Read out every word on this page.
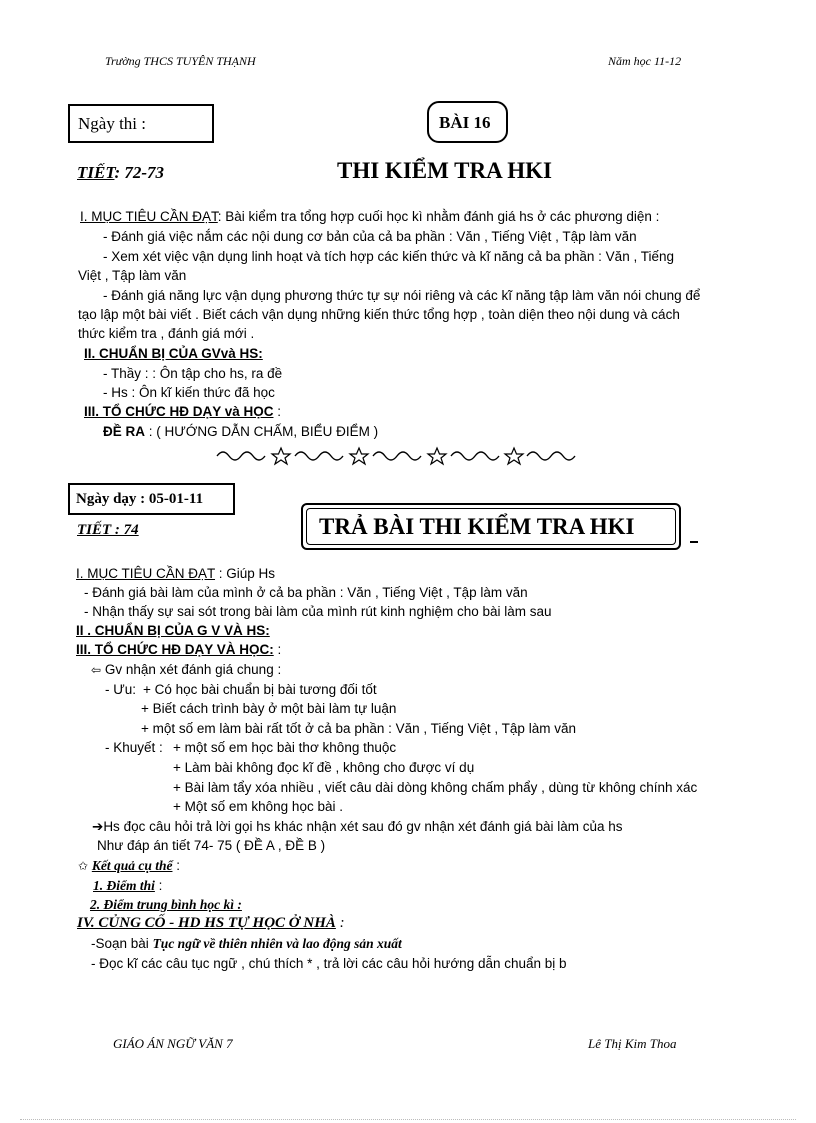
Trường THCS TUYÊN THẠNH	Năm học 11-12
Ngày thi :	BÀI 16
TIẾT: 72-73	THI KIỂM TRA HKI
I. MỤC TIÊU CẦN ĐẠT: Bài kiểm tra tổng hợp cuối học kì nhằm đánh giá hs ở các phương diện :
- Đánh giá việc nắm các nội dung cơ bản của cả ba phần : Văn , Tiếng Việt , Tập làm văn
- Xem xét việc vận dụng linh hoạt và tích hợp các kiến thức và kĩ năng cả ba phần : Văn , Tiếng
Việt , Tập làm văn
- Đánh giá năng lực vận dụng phương thức tự sự nói riêng và các kĩ năng tập làm văn nói chung để
tạo lập một bài viết . Biết cách vận dụng những kiến thức tổng hợp , toàn diện theo nội dung và cách
thức kiểm tra , đánh giá mới .
II. CHUẨN BỊ CỦA GVvà HS:
- Thầy : : Ôn tập cho hs, ra đề
- Hs : Ôn kĩ kiến thức đã học
III. TỔ CHỨC HĐ DẠY và HỌC :
ĐỀ RA : ( HƯỚNG DẪN CHẤM, BIỂU ĐIỂM )
Ngày dạy : 05-01-11
TIẾT : 74	TRẢ BÀI THI KIỂM TRA HKI
I. MỤC TIÊU CẦN ĐẠT : Giúp Hs
- Đánh giá bài làm của mình ở cả ba phần : Văn , Tiếng Việt , Tập làm văn
- Nhận thấy sự sai sót trong bài làm của mình rút kinh nghiệm cho bài làm sau
II . CHUẨN BỊ CỦA G V VÀ HS:
III. TỔ CHỨC HĐ DẠY VÀ HỌC: :
⇦ Gv nhận xét đánh giá chung :
- Ưu: + Có học bài chuẩn bị bài tương đối tốt
+ Biết cách trình bày ở một bài làm tự luận
+ một số em làm bài rất tốt ở cả ba phần : Văn , Tiếng Việt , Tập làm văn
- Khuyết : + một số em học bài thơ không thuộc
+ Làm bài không đọc kĩ đề , không cho được ví dụ
+ Bài làm tẩy xóa nhiều , viết câu dài dòng không chấm phẩy , dùng từ không chính xác
+ Một số em không học bài .
➔Hs đọc câu hỏi trả lời gọi hs khác nhận xét sau đó gv nhận xét đánh giá bài làm của hs
Như đáp án tiết 74- 75 ( ĐỀ A , ĐỀ B )
✩ Kết quả cụ thể :
1. Điểm thi :
2. Điểm trung bình học kì :
IV. CỦNG CỐ - HD HS TỰ HỌC Ở NHÀ :
-Soạn bài Tục ngữ về thiên nhiên và lao động sản xuất
- Đọc kĩ các câu tục ngữ , chú thích * , trả lời các câu hỏi hướng dẫn chuẩn bị b
GIÁO ÁN NGỮ VĂN 7	Lê Thị Kim Thoa
